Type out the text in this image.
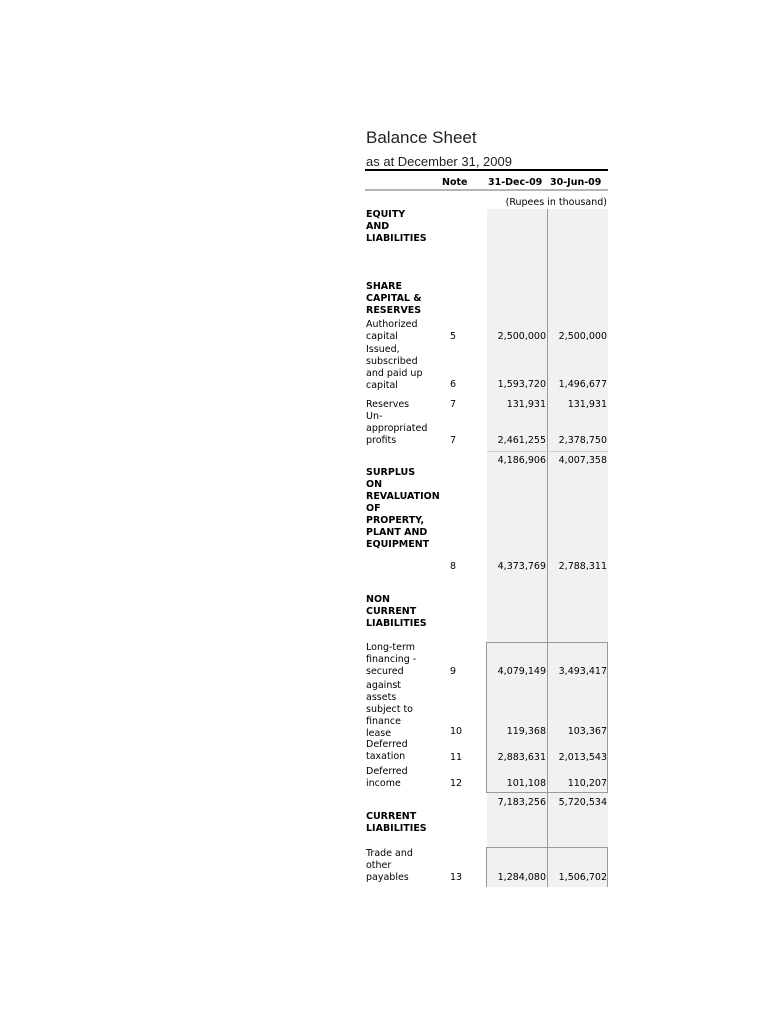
Balance Sheet
as at December 31, 2009
Note 31-Dec-09 30-Jun-09
(Rupees in thousand)
EQUITY AND LIABILITIES
SHARE CAPITAL & RESERVES
Authorized capital	5	2,500,000	2,500,000
Issued, subscribed and paid up capital	6	1,593,720	1,496,677
Reserves	7	131,931	131,931
Un-appropriated profits	7	2,461,255	2,378,750
4,186,906	4,007,358
SURPLUS ON REVALUATION OF PROPERTY, PLANT AND EQUIPMENT
8	4,373,769	2,788,311
NON CURRENT LIABILITIES
Long-term financing - secured	9	4,079,149	3,493,417
against assets subject to finance lease	10	119,368	103,367
Deferred taxation	11	2,883,631	2,013,543
Deferred income	12	101,108	110,207
7,183,256	5,720,534
CURRENT LIABILITIES
Trade and other payables	13	1,284,080	1,506,702
